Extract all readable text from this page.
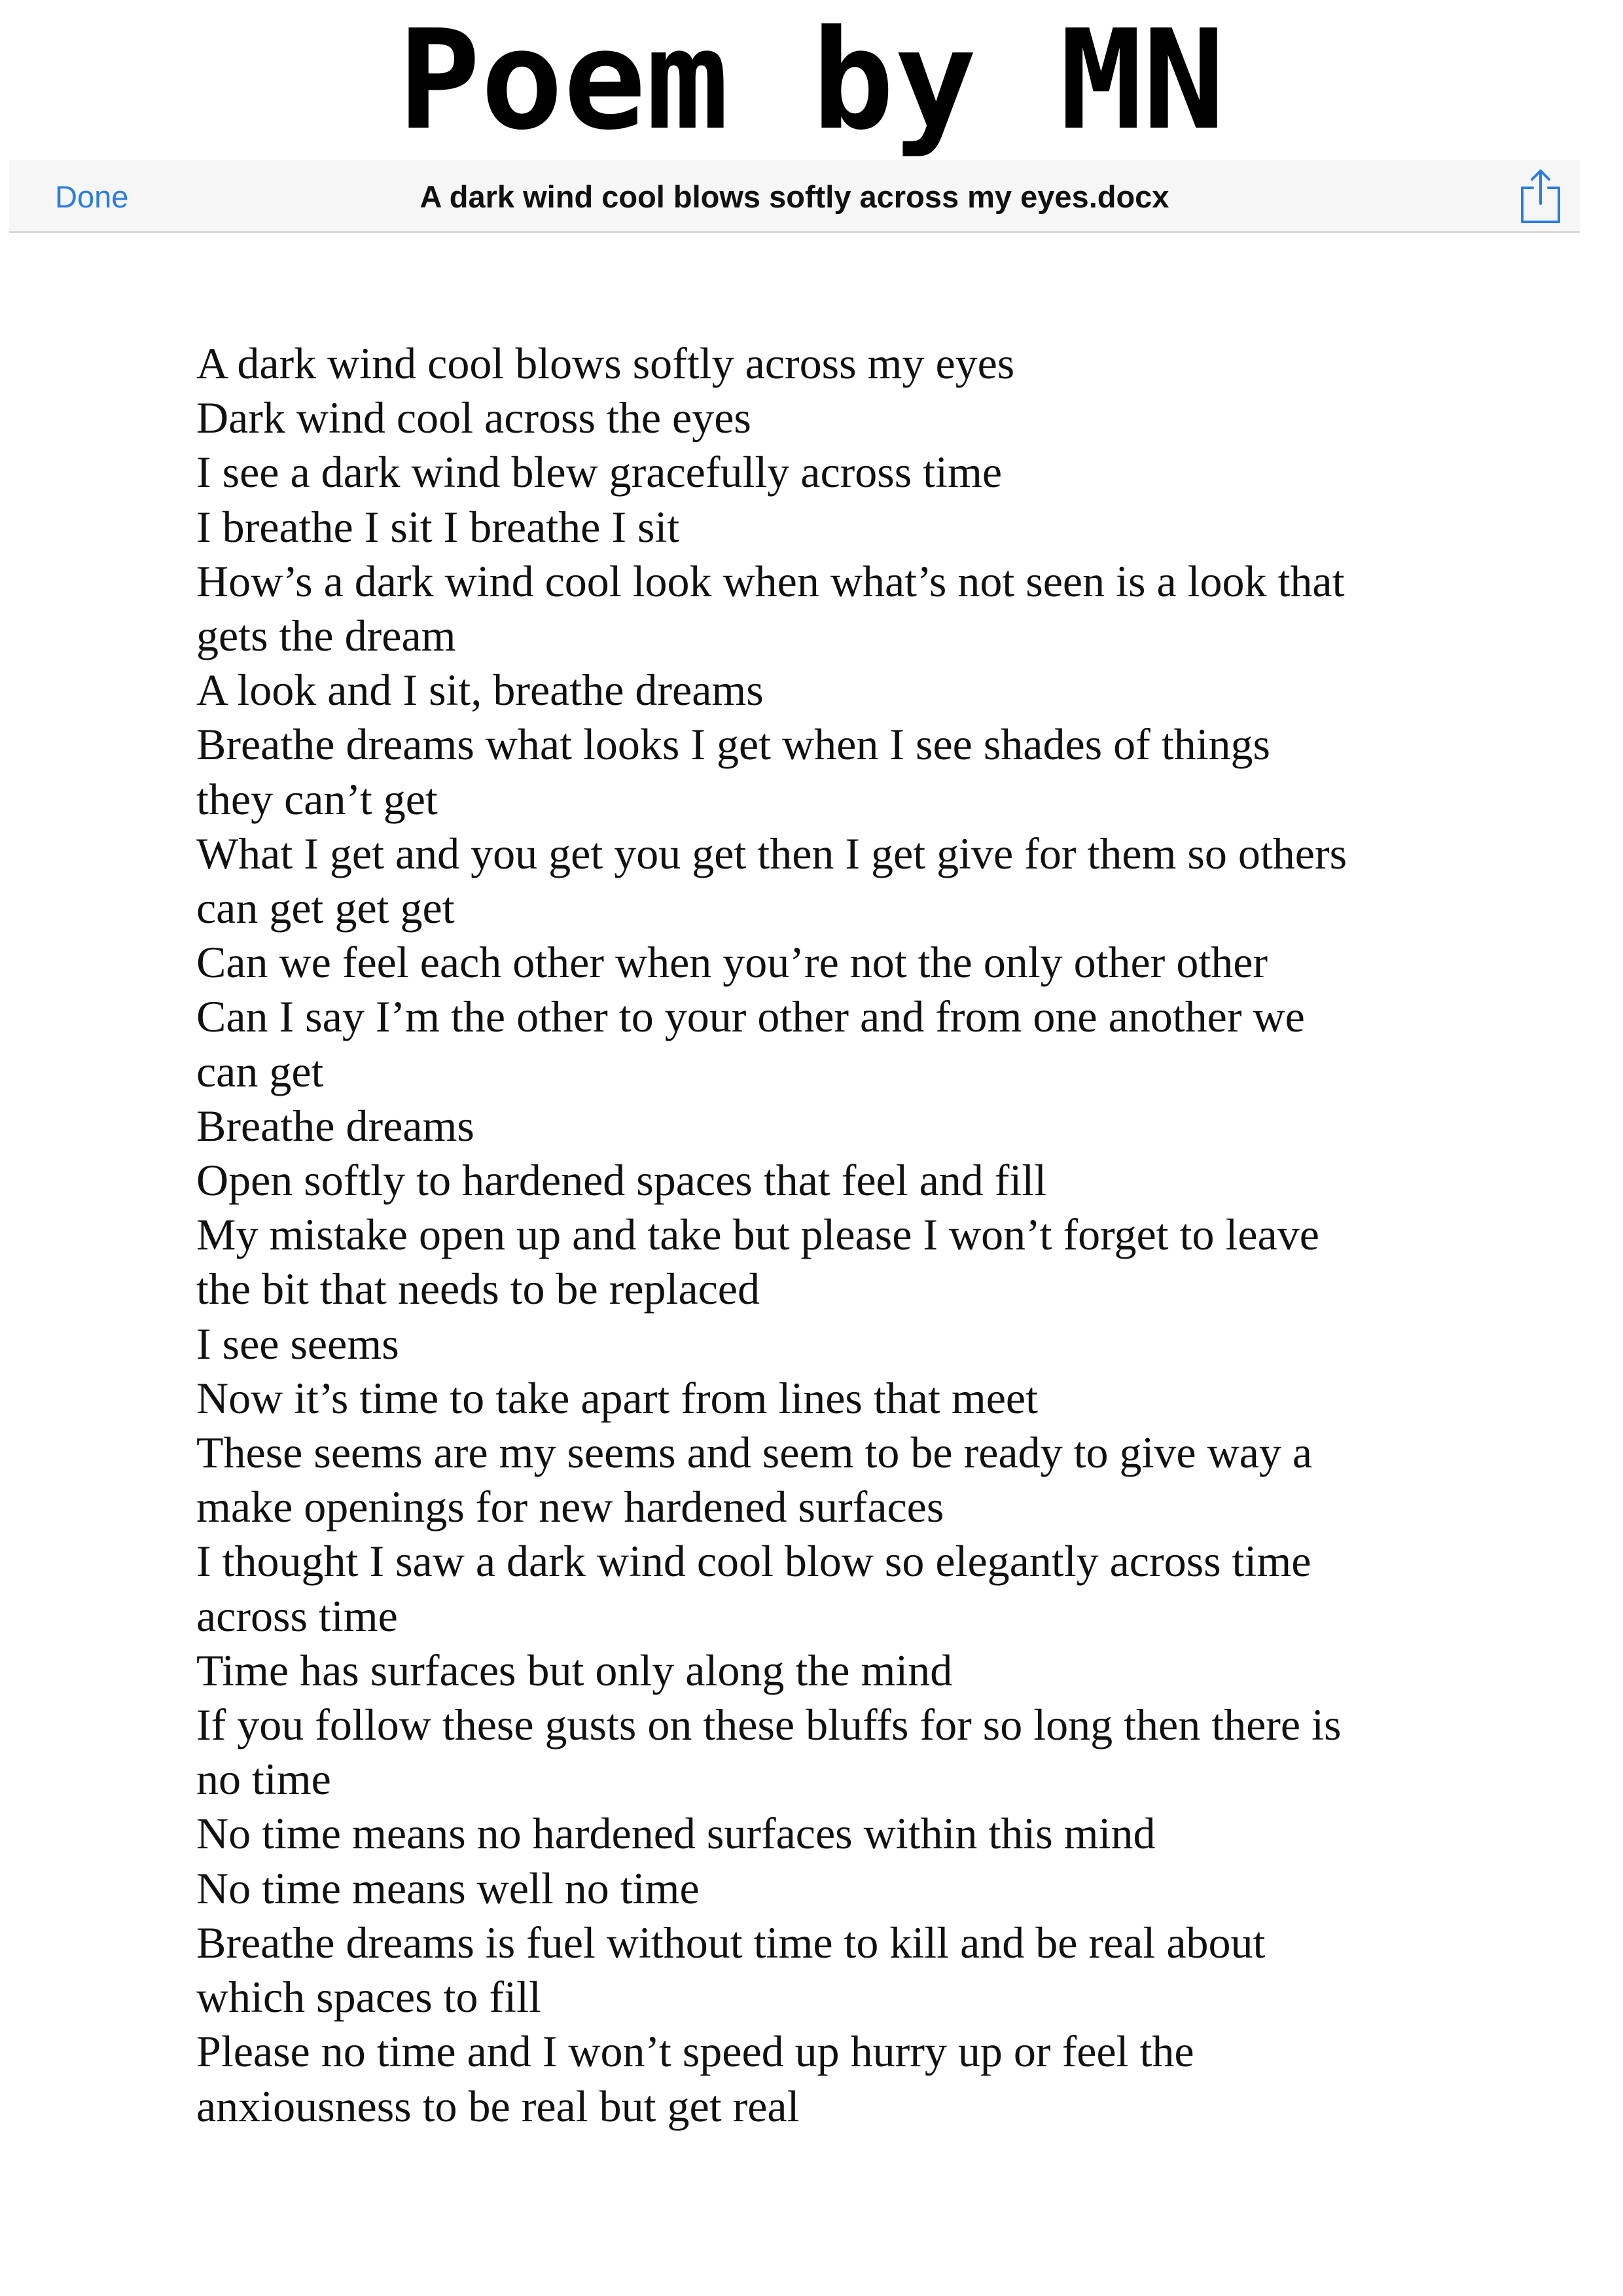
Poem by MN
Done	A dark wind cool blows softly across my eyes.docx
A dark wind cool blows softly across my eyes
Dark wind cool across the eyes
I see a dark wind blew gracefully across time
I breathe I sit I breathe I sit
How’s a dark wind cool look when what’s not seen is a look that
gets the dream
A look and I sit, breathe dreams
Breathe dreams what looks I get when I see shades of things
they can’t get
What I get and you get you get then I get give for them so others
can get get get
Can we feel each other when you’re not the only other other
Can I say I’m the other to your other and from one another we
can get
Breathe dreams
Open softly to hardened spaces that feel and fill
My mistake open up and take but please I won’t forget to leave
the bit that needs to be replaced
I see seems
Now it’s time to take apart from lines that meet
These seems are my seems and seem to be ready to give way a
make openings for new hardened surfaces
I thought I saw a dark wind cool blow so elegantly across time
across time
Time has surfaces but only along the mind
If you follow these gusts on these bluffs for so long then there is
no time
No time means no hardened surfaces within this mind
No time means well no time
Breathe dreams is fuel without time to kill and be real about
which spaces to fill
Please no time and I won’t speed up hurry up or feel the
anxiousness to be real but get real
